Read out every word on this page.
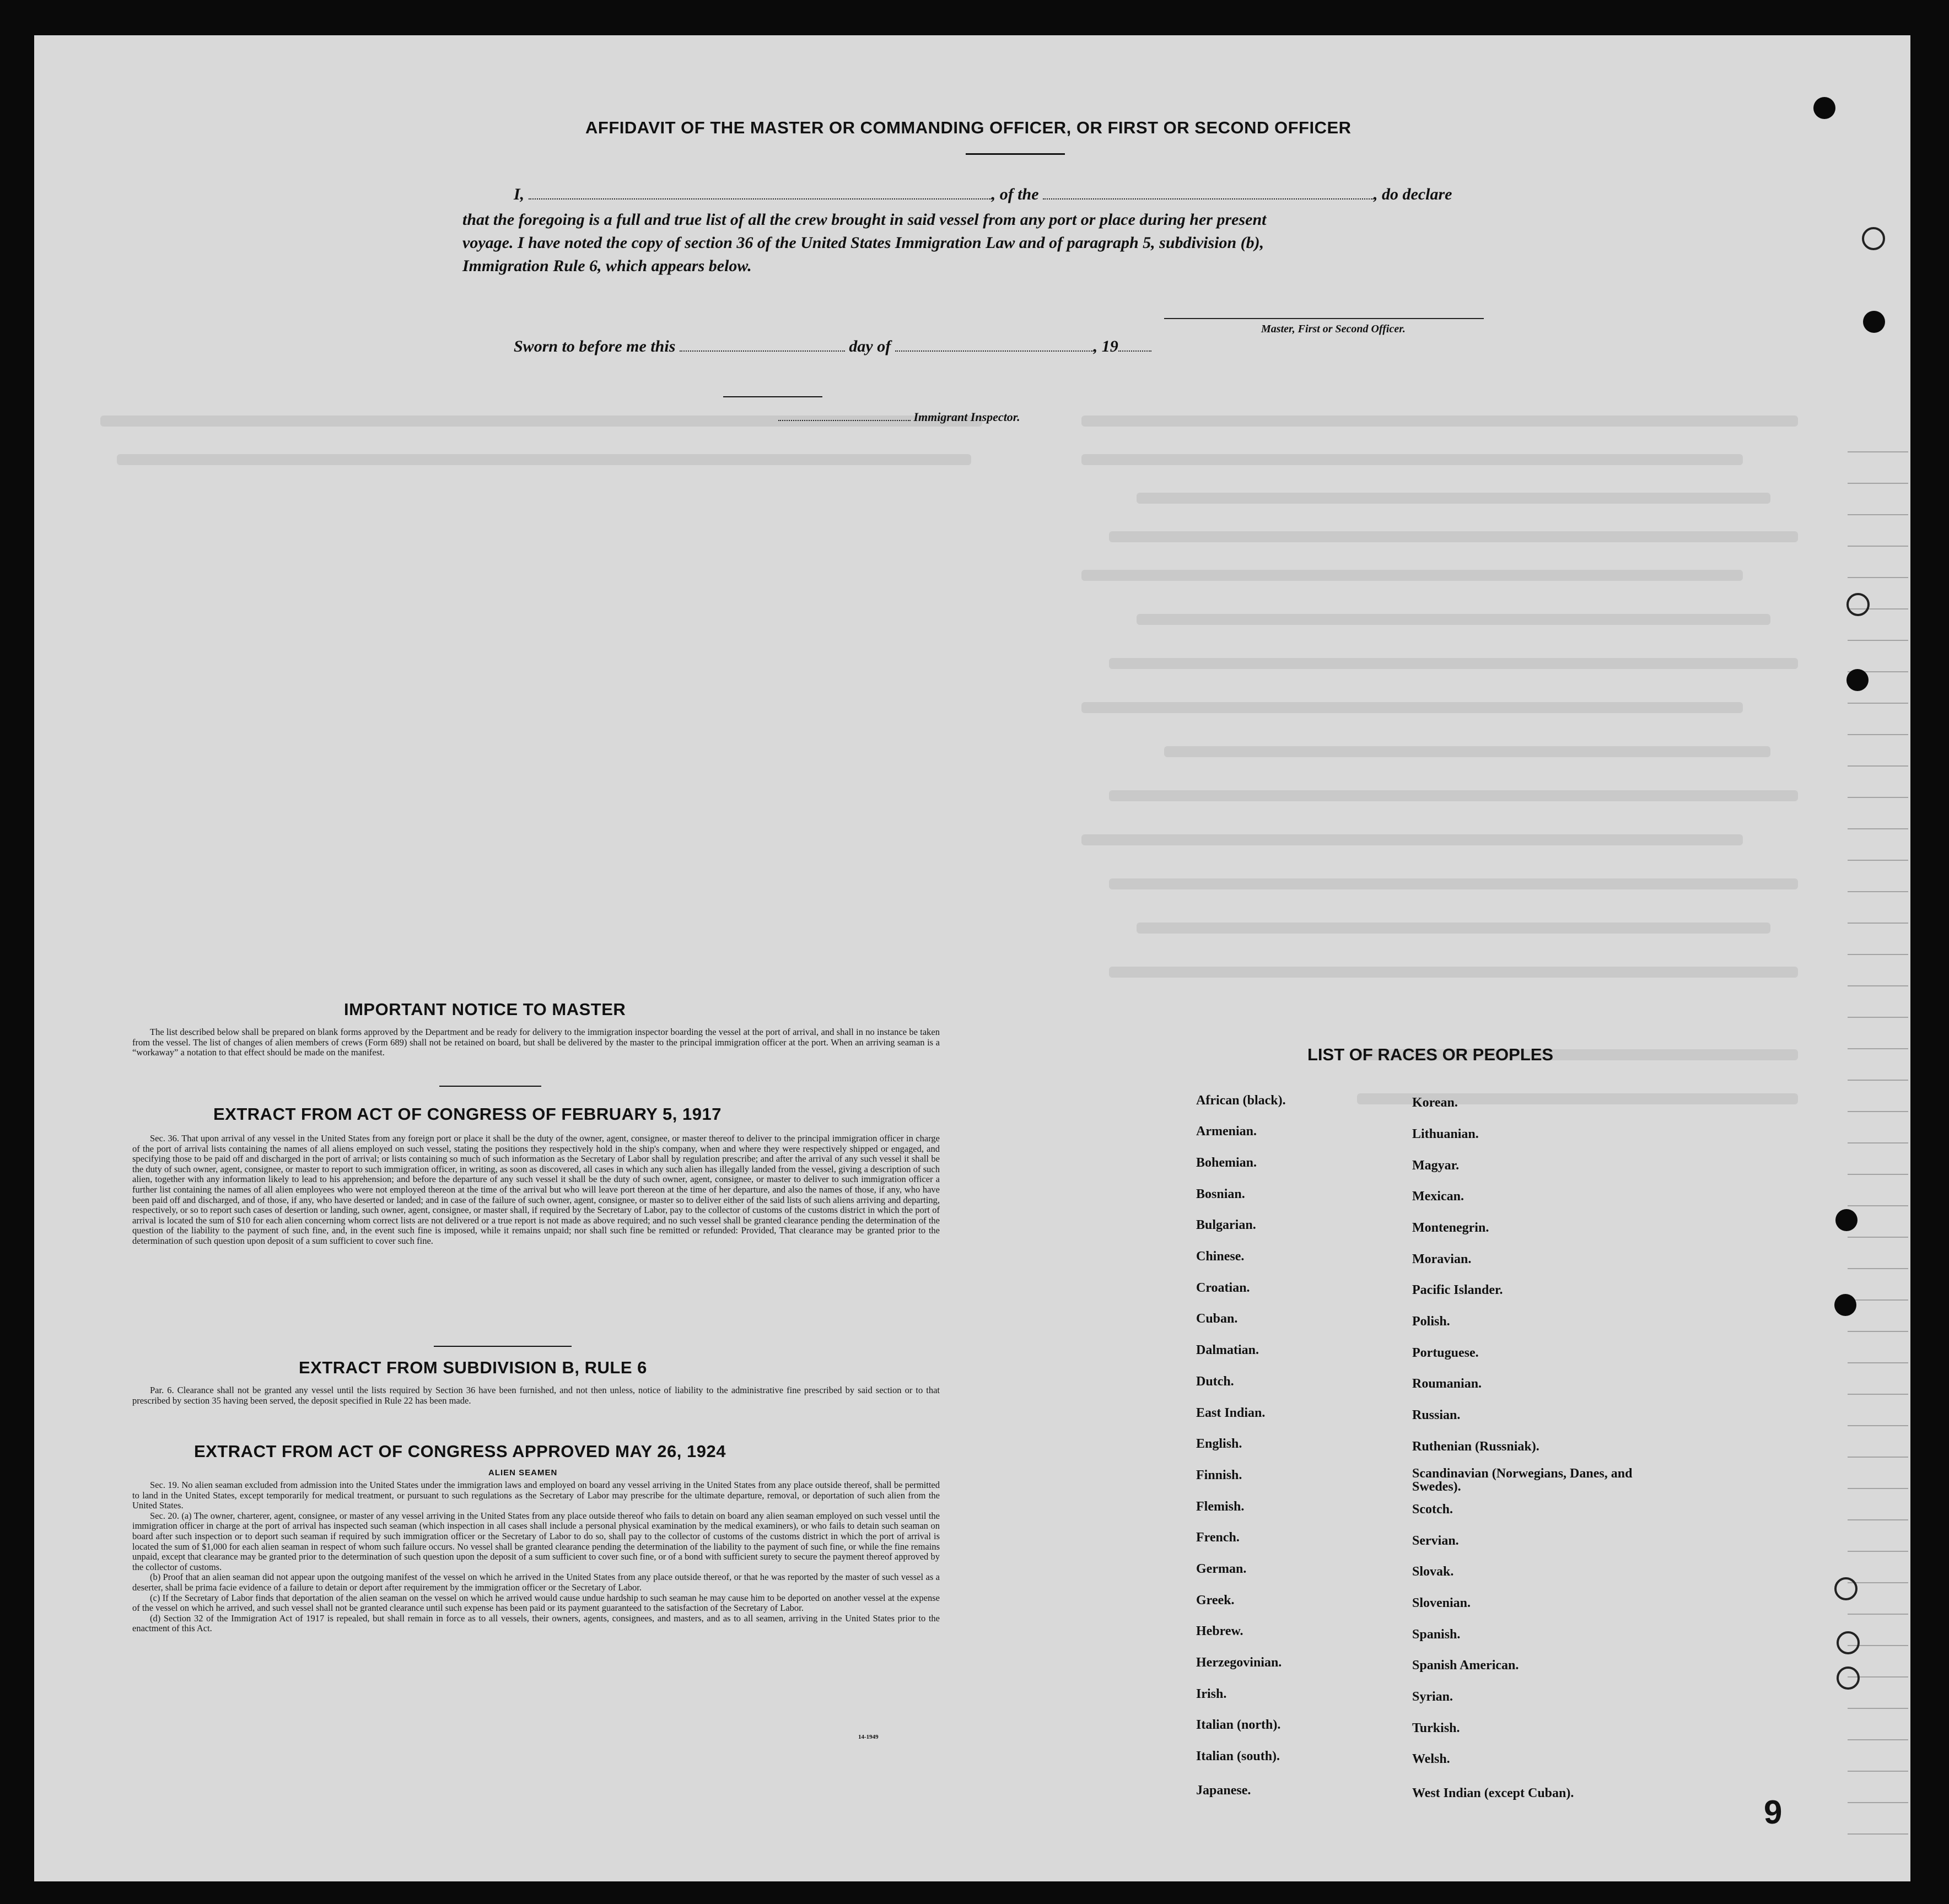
AFFIDAVIT OF THE MASTER OR COMMANDING OFFICER, OR FIRST OR SECOND OFFICER
I,	, of the	, do declare
that the foregoing is a full and true list of all the crew brought in said vessel from any port or place during her present
voyage. I have noted the copy of section 36 of the United States Immigration Law and of paragraph 5, subdivision (b),
Immigration Rule 6, which appears below.
Master, First or Second Officer.
Sworn to before me this	day of	, 19
Immigrant Inspector.
IMPORTANT NOTICE TO MASTER

The list described below shall be prepared on blank forms approved by the Department and be ready for delivery to the immigration inspector boarding the vessel at the port of arrival, and shall in no instance be taken from the vessel. The list of changes of alien members of crews (Form 689) shall not be retained on board, but shall be delivered by the master to the principal immigration officer at the port. When an arriving seaman is a “workaway” a notation to that effect should be made on the manifest.

EXTRACT FROM ACT OF CONGRESS OF FEBRUARY 5, 1917

Sec. 36. That upon arrival of any vessel in the United States from any foreign port or place it shall be the duty of the owner, agent, consignee, or master thereof to deliver to the principal immigration officer in charge of the port of arrival lists containing the names of all aliens employed on such vessel, stating the positions they respectively hold in the ship's company, when and where they were respectively shipped or engaged, and specifying those to be paid off and discharged in the port of arrival; or lists containing so much of such information as the Secretary of Labor shall by regulation prescribe; and after the arrival of any such vessel it shall be the duty of such owner, agent, consignee, or master to report to such immigration officer, in writing, as soon as discovered, all cases in which any such alien has illegally landed from the vessel, giving a description of such alien, together with any information likely to lead to his apprehension; and before the departure of any such vessel it shall be the duty of such owner, agent, consignee, or master to deliver to such immigration officer a further list containing the names of all alien employees who were not employed thereon at the time of the arrival but who will leave port thereon at the time of her departure, and also the names of those, if any, who have been paid off and discharged, and of those, if any, who have deserted or landed; and in case of the failure of such owner, agent, consignee, or master so to deliver either of the said lists of such aliens arriving and departing, respectively, or so to report such cases of desertion or landing, such owner, agent, consignee, or master shall, if required by the Secretary of Labor, pay to the collector of customs of the customs district in which the port of arrival is located the sum of $10 for each alien concerning whom correct lists are not delivered or a true report is not made as above required; and no such vessel shall be granted clearance pending the determination of the question of the liability to the payment of such fine, and, in the event such fine is imposed, while it remains unpaid; nor shall such fine be remitted or refunded: Provided, That clearance may be granted prior to the determination of such question upon deposit of a sum sufficient to cover such fine.

EXTRACT FROM SUBDIVISION B, RULE 6

Par. 6. Clearance shall not be granted any vessel until the lists required by Section 36 have been furnished, and not then unless, notice of liability to the administrative fine prescribed by said section or to that prescribed by section 35 having been served, the deposit specified in Rule 22 has been made.

EXTRACT FROM ACT OF CONGRESS APPROVED MAY 26, 1924
ALIEN SEAMEN

Sec. 19. No alien seaman excluded from admission into the United States under the immigration laws and employed on board any vessel arriving in the United States from any place outside thereof, shall be permitted to land in the United States, except temporarily for medical treatment, or pursuant to such regulations as the Secretary of Labor may prescribe for the ultimate departure, removal, or deportation of such alien from the United States.

Sec. 20. (a) The owner, charterer, agent, consignee, or master of any vessel arriving in the United States from any place outside thereof who fails to detain on board any alien seaman employed on such vessel until the immigration officer in charge at the port of arrival has inspected such seaman (which inspection in all cases shall include a personal physical examination by the medical examiners), or who fails to detain such seaman on board after such inspection or to deport such seaman if required by such immigration officer or the Secretary of Labor to do so, shall pay to the collector of customs of the customs district in which the port of arrival is located the sum of $1,000 for each alien seaman in respect of whom such failure occurs. No vessel shall be granted clearance pending the determination of the liability to the payment of such fine, or while the fine remains unpaid, except that clearance may be granted prior to the determination of such question upon the deposit of a sum sufficient to cover such fine, or of a bond with sufficient surety to secure the payment thereof approved by the collector of customs.

(b) Proof that an alien seaman did not appear upon the outgoing manifest of the vessel on which he arrived in the United States from any place outside thereof, or that he was reported by the master of such vessel as a deserter, shall be prima facie evidence of a failure to detain or deport after requirement by the immigration officer or the Secretary of Labor.

(c) If the Secretary of Labor finds that deportation of the alien seaman on the vessel on which he arrived would cause undue hardship to such seaman he may cause him to be deported on another vessel at the expense of the vessel on which he arrived, and such vessel shall not be granted clearance until such expense has been paid or its payment guaranteed to the satisfaction of the Secretary of Labor.

(d) Section 32 of the Immigration Act of 1917 is repealed, but shall remain in force as to all vessels, their owners, agents, consignees, and masters, and as to all seamen, arriving in the United States prior to the enactment of this Act.

14-1949
LIST OF RACES OR PEOPLES
African (black).
Armenian.
Bohemian.
Bosnian.
Bulgarian.
Chinese.
Croatian.
Cuban.
Dalmatian.
Dutch.
East Indian.
English.
Finnish.
Flemish.
French.
German.
Greek.
Hebrew.
Herzegovinian.
Irish.
Italian (north).
Italian (south).
Japanese.
Korean.
Lithuanian.
Magyar.
Mexican.
Montenegrin.
Moravian.
Pacific Islander.
Polish.
Portuguese.
Roumanian.
Russian.
Ruthenian (Russniak).
Scandinavian (Norwegians, Danes, and Swedes).
Scotch.
Servian.
Slovak.
Slovenian.
Spanish.
Spanish American.
Syrian.
Turkish.
Welsh.
West Indian (except Cuban).
9
